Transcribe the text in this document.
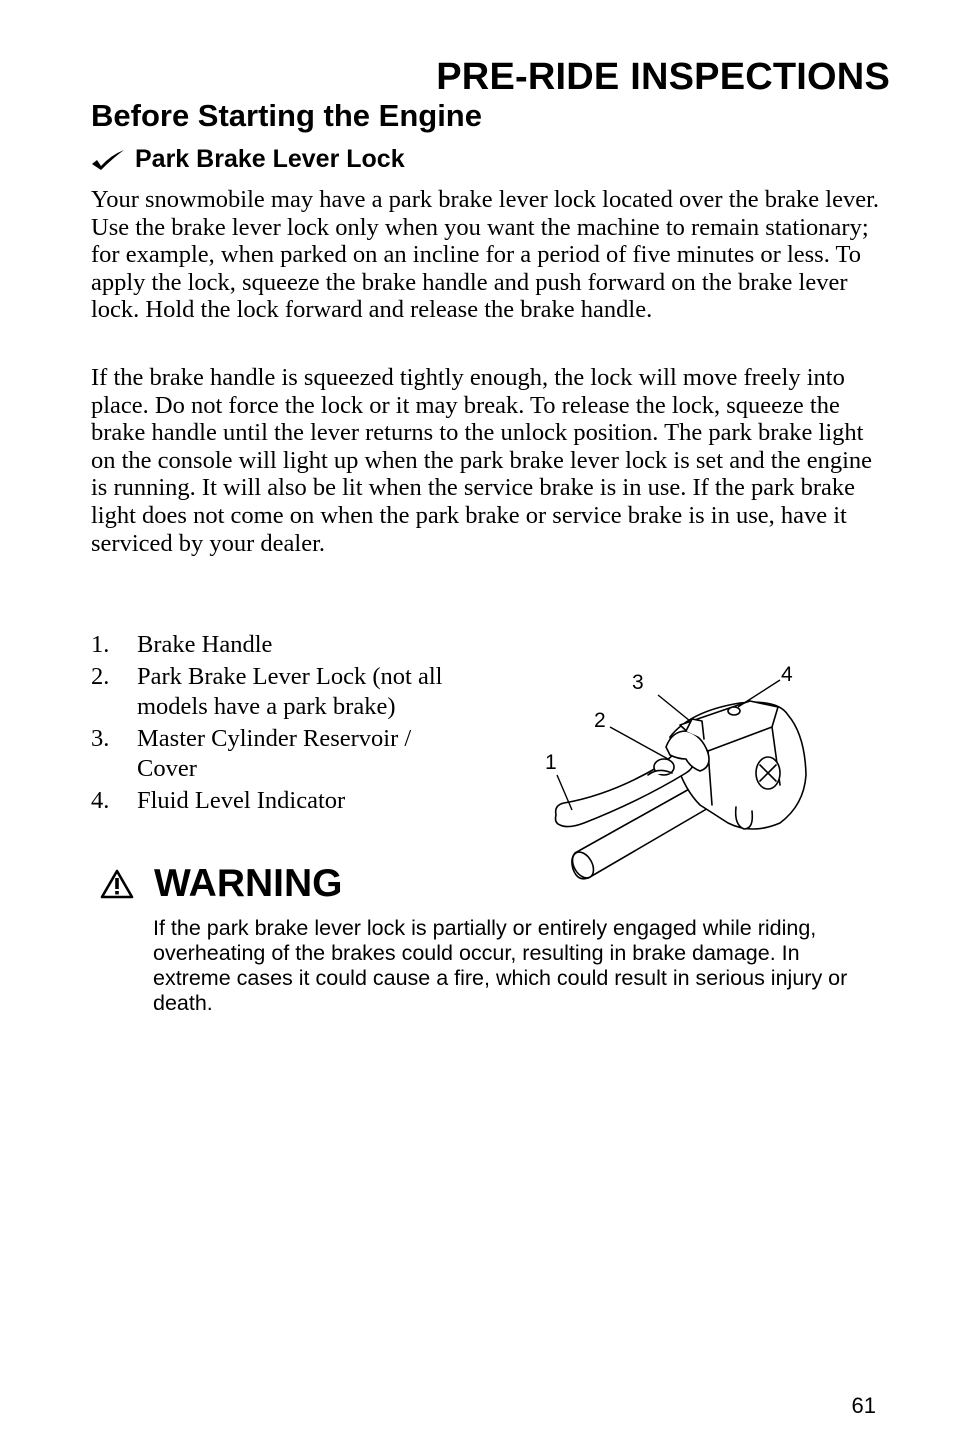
PRE-RIDE INSPECTIONS
Before Starting the Engine
Park Brake Lever Lock

Your snowmobile may have a park brake lever lock located over the brake lever. Use the brake lever lock only when you want the machine to remain stationary; for example, when parked on an incline for a period of five minutes or less. To apply the lock, squeeze the brake handle and push forward on the brake lever lock. Hold the lock forward and release the brake handle.

If the brake handle is squeezed tightly enough, the lock will move freely into place. Do not force the lock or it may break. To release the lock, squeeze the brake handle until the lever returns to the unlock position. The park brake light on the console will light up when the park brake lever lock is set and the engine is running. It will also be lit when the service brake is in use. If the park brake light does not come on when the park brake or service brake is in use, have it serviced by your dealer.

1.	Brake Handle
2.	Park Brake Lever Lock (not all models have a park brake)
3.	Master Cylinder Reservoir / Cover
4.	Fluid Level Indicator
1
2
3	4
WARNING

If the park brake lever lock is partially or entirely engaged while riding, overheating of the brakes could occur, resulting in brake damage. In extreme cases it could cause a fire, which could result in serious injury or death.

61
